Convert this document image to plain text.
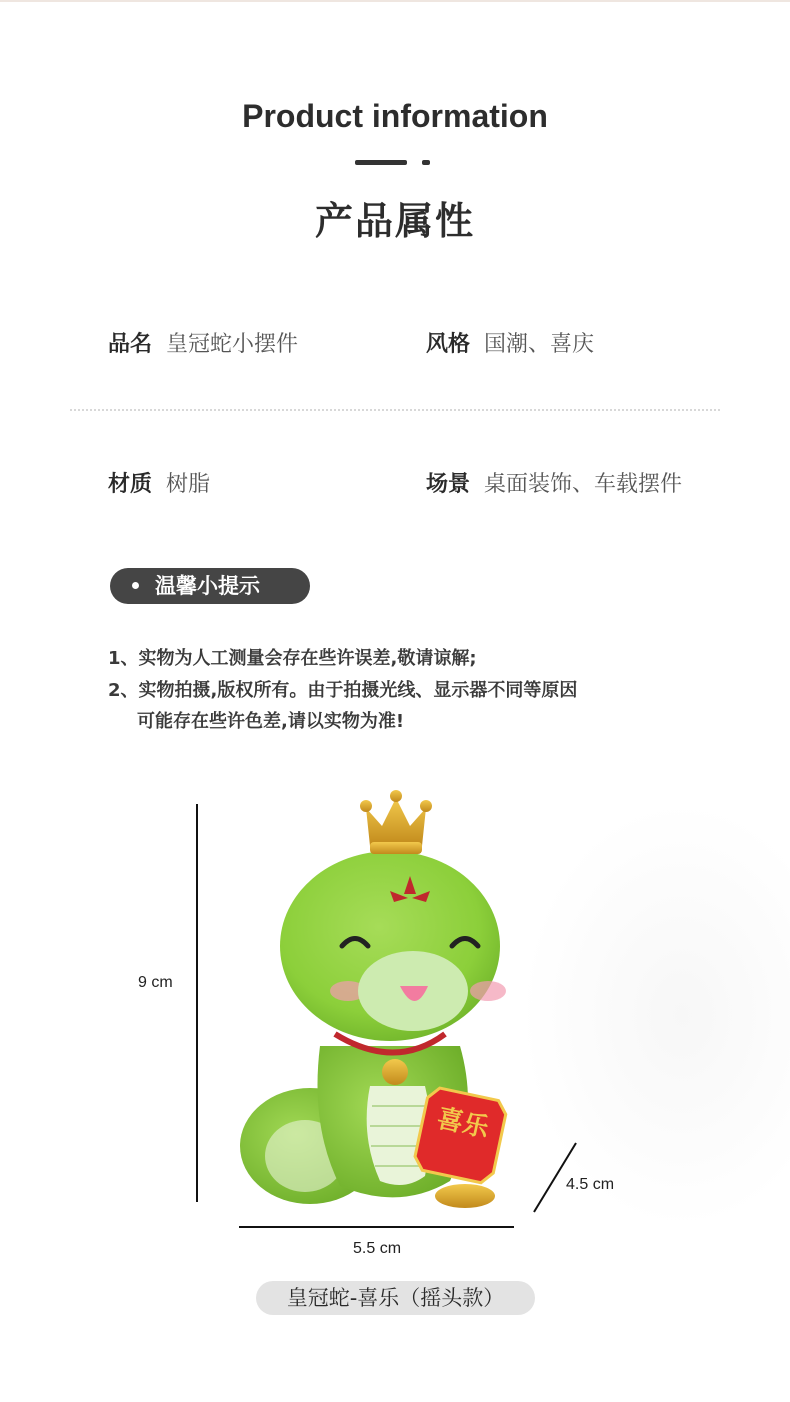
Product information
产品属性
品名 皇冠蛇小摆件	风格 国潮、喜庆
材质 树脂	场景 桌面装饰、车载摆件
温馨小提示
1、实物为人工测量会存在些许误差,敬请谅解;
2、实物拍摄,版权所有。由于拍摄光线、显示器不同等原因
可能存在些许色差,请以实物为准!
9 cm
5.5 cm
4.5 cm
喜乐
皇冠蛇-喜乐（摇头款）
